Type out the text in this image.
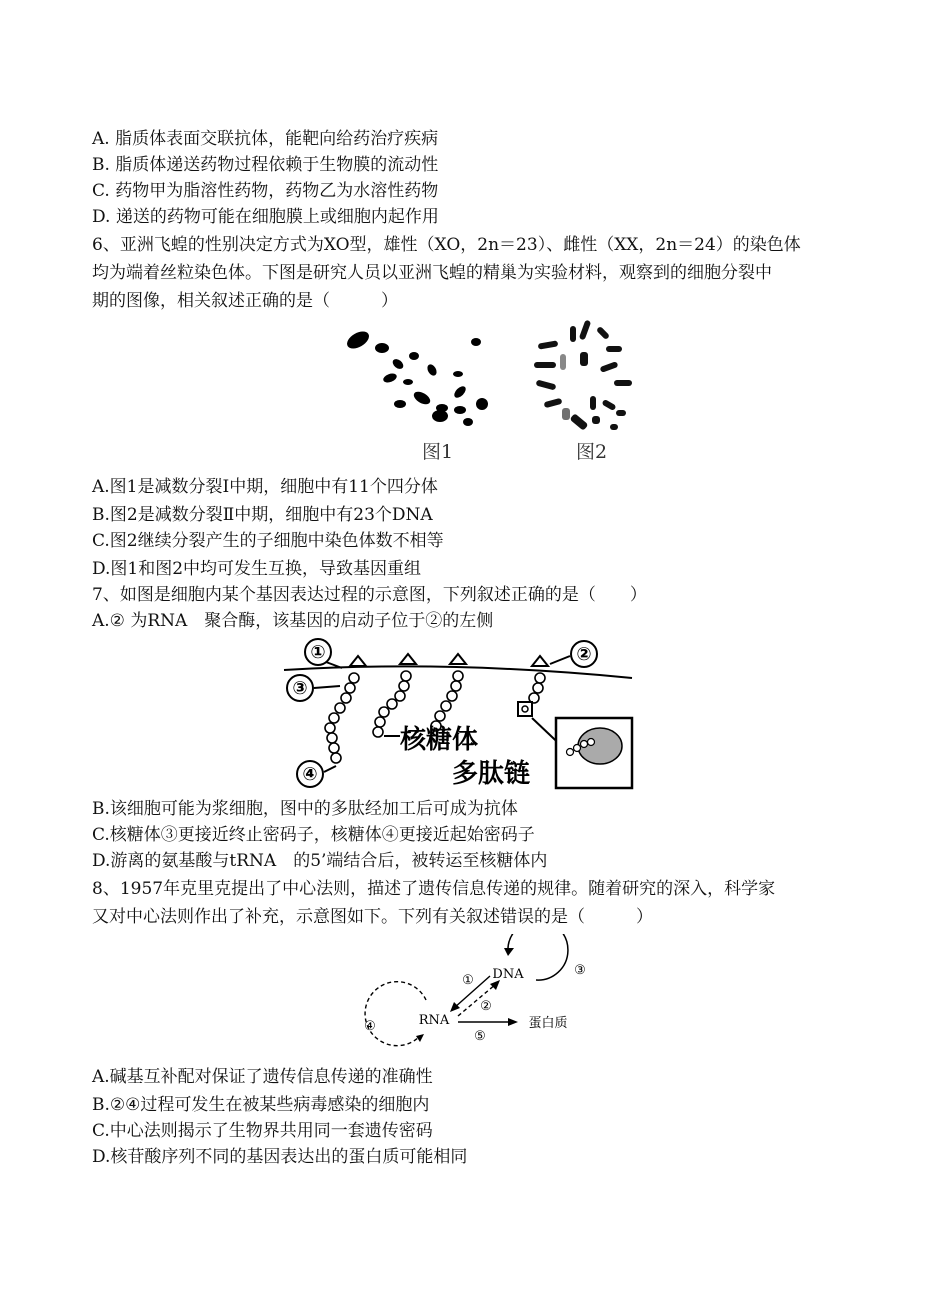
A. 脂质体表面交联抗体，能靶向给药治疗疾病
B. 脂质体递送药物过程依赖于生物膜的流动性
C. 药物甲为脂溶性药物，药物乙为水溶性药物
D. 递送的药物可能在细胞膜上或细胞内起作用
6、亚洲飞蝗的性别决定方式为XO型，雄性（XO，2n＝23）、雌性（XX，2n＝24）的染色体
均为端着丝粒染色体。下图是研究人员以亚洲飞蝗的精巢为实验材料，观察到的细胞分裂中
期的图像，相关叙述正确的是（　　　）
图1	图2
A.图1是减数分裂Ⅰ中期，细胞中有11个四分体
B.图2是减数分裂Ⅱ中期，细胞中有23个DNA
C.图2继续分裂产生的子细胞中染色体数不相等
D.图1和图2中均可发生互换，导致基因重组
7、如图是细胞内某个基因表达过程的示意图，下列叙述正确的是（　　）
A.② 为RNA　聚合酶，该基因的启动子位于②的左侧
①	②
③
④
核糖体
多肽链
B.该细胞可能为浆细胞，图中的多肽经加工后可成为抗体
C.核糖体③更接近终止密码子，核糖体④更接近起始密码子
D.游离的氨基酸与tRNA　的5’端结合后，被转运至核糖体内
8、1957年克里克提出了中心法则，描述了遗传信息传递的规律。随着研究的深入，科学家
又对中心法则作出了补充，示意图如下。下列有关叙述错误的是（　　　）
DNA	③
RNA
④
①
②
⑤
蛋白质
A.碱基互补配对保证了遗传信息传递的准确性
B.②④过程可发生在被某些病毒感染的细胞内
C.中心法则揭示了生物界共用同一套遗传密码
D.核苷酸序列不同的基因表达出的蛋白质可能相同
